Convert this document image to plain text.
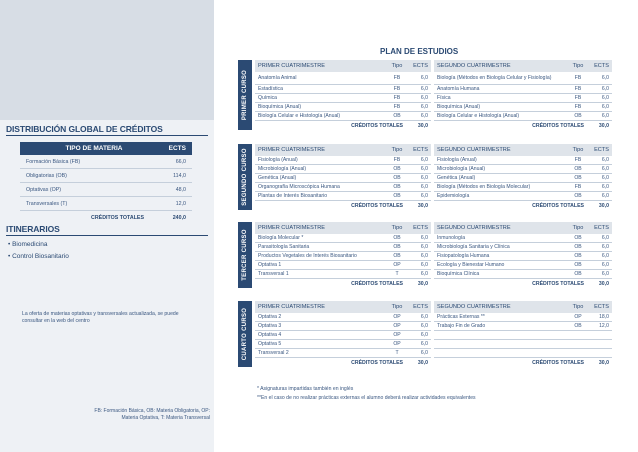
DISTRIBUCIÓN GLOBAL DE CRÉDITOS
TIPO DE MATERIA	ECTS
Formación Básica (FB)	66,0
Obligatorias (OB)	114,0
Optativas (OP)	48,0
Transversales (T)	12,0
CRÉDITOS TOTALES	240,0
ITINERARIOS
• Biomedicina
• Control Biosanitario
La oferta de materias optativas y transversales actualizada, se puede consultar en la web del centro
FB: Formación Básica, OB: Materia Obligatoria, OP: Materia Optativa, T: Materia Transversal
PLAN DE ESTUDIOS
PRIMER CURSO
PRIMER CUATRIMESTRE	Tipo	ECTS
Anatomía Animal	FB	6,0
Estadística	FB	6,0
Química	FB	6,0
Bioquímica (Anual)	FB	6,0
Biología Celular e Histología (Anual)	OB	6,0
CRÉDITOS TOTALES	30,0
SEGUNDO CUATRIMESTRE	Tipo	ECTS
Biología (Métodos en Biología Celular y Fisiología)	FB	6,0
Anatomía Humana	FB	6,0
Física	FB	6,0
Bioquímica (Anual)	FB	6,0
Biología Celular e Histología (Anual)	OB	6,0
CRÉDITOS TOTALES	30,0
SEGUNDO CURSO	PRIMER CUATRIMESTRE	Tipo	ECTS
Fisiología (Anual)	FB	6,0
Microbiología (Anual)	OB	6,0
Genética (Anual)	OB	6,0
Organografía Microscópica Humana	OB	6,0
Plantas de Interés Biosanitario	OB	6,0
CRÉDITOS TOTALES	30,0
SEGUNDO CUATRIMESTRE	Tipo	ECTS
Fisiología (Anual)	FB	6,0
Microbiología (Anual)	OB	6,0
Genética (Anual)	OB	6,0
Biología (Métodos en Biología Molecular)	FB	6,0
Epidemiología	OB	6,0
CRÉDITOS TOTALES	30,0
TERCER CURSO
PRIMER CUATRIMESTRE	Tipo	ECTS
Biología Molecular *	OB	6,0
Parasitología Sanitaria	OB	6,0
Productos Vegetales de Interés Biosanitario	OB	6,0
Optativa 1	OP	6,0
Transversal 1	T	6,0
CRÉDITOS TOTALES	30,0
SEGUNDO CUATRIMESTRE	Tipo	ECTS
Inmunología	OB	6,0
Microbiología Sanitaria y Clínica	OB	6,0
Fisiopatología Humana	OB	6,0
Ecología y Bienestar Humano	OB	6,0
Bioquímica Clínica	OB	6,0
CRÉDITOS TOTALES	30,0
CUARTO CURSO
PRIMER CUATRIMESTRE	Tipo	ECTS
Optativa 2	OP	6,0
Optativa 3	OP	6,0
Optativa 4	OP	6,0
Optativa 5	OP	6,0
Transversal 2	T	6,0
CRÉDITOS TOTALES	30,0
SEGUNDO CUATRIMESTRE	Tipo	ECTS
Prácticas Externas **	OP	18,0
Trabajo Fin de Grado	OB	12,0
CRÉDITOS TOTALES	30,0
* Asignaturas impartidas también en inglés
**En el caso de no realizar prácticas externas el alumno deberá realizar actividades equivalentes
